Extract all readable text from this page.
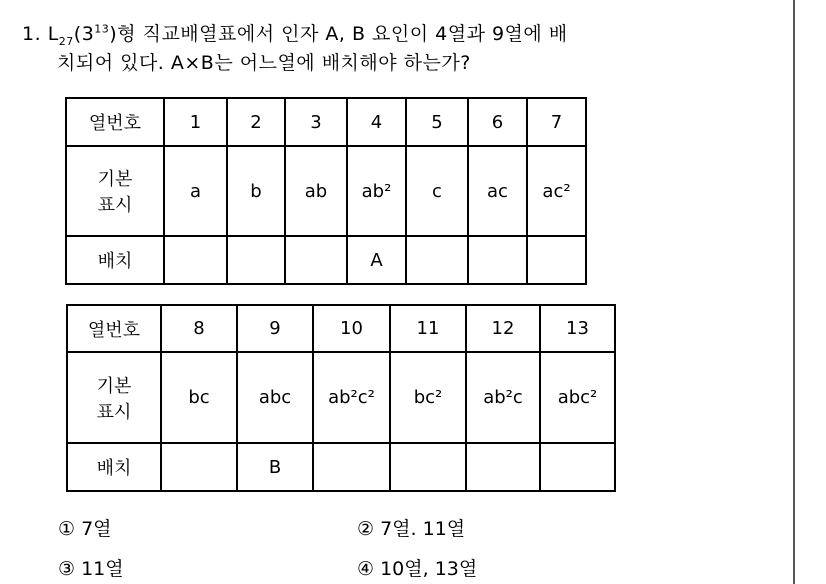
1. $L_{27}(3^{13})$형 직교배열표에서 인자 A, B 요인이 4열과 9열에 배
치되어 있다. A×B는 어느열에 배치해야 하는가?
열번호	1	2	3	4	5	6	7
기본
표시	a	b	ab	ab²	c	ac	ac²
배치				A			
열번호	8	9	10	11	12	13
기본
표시	bc	abc	ab²c²	bc²	ab²c	abc²
배치		B				
① 7열	② 7열. 11열
③ 11열	④ 10열, 13열
